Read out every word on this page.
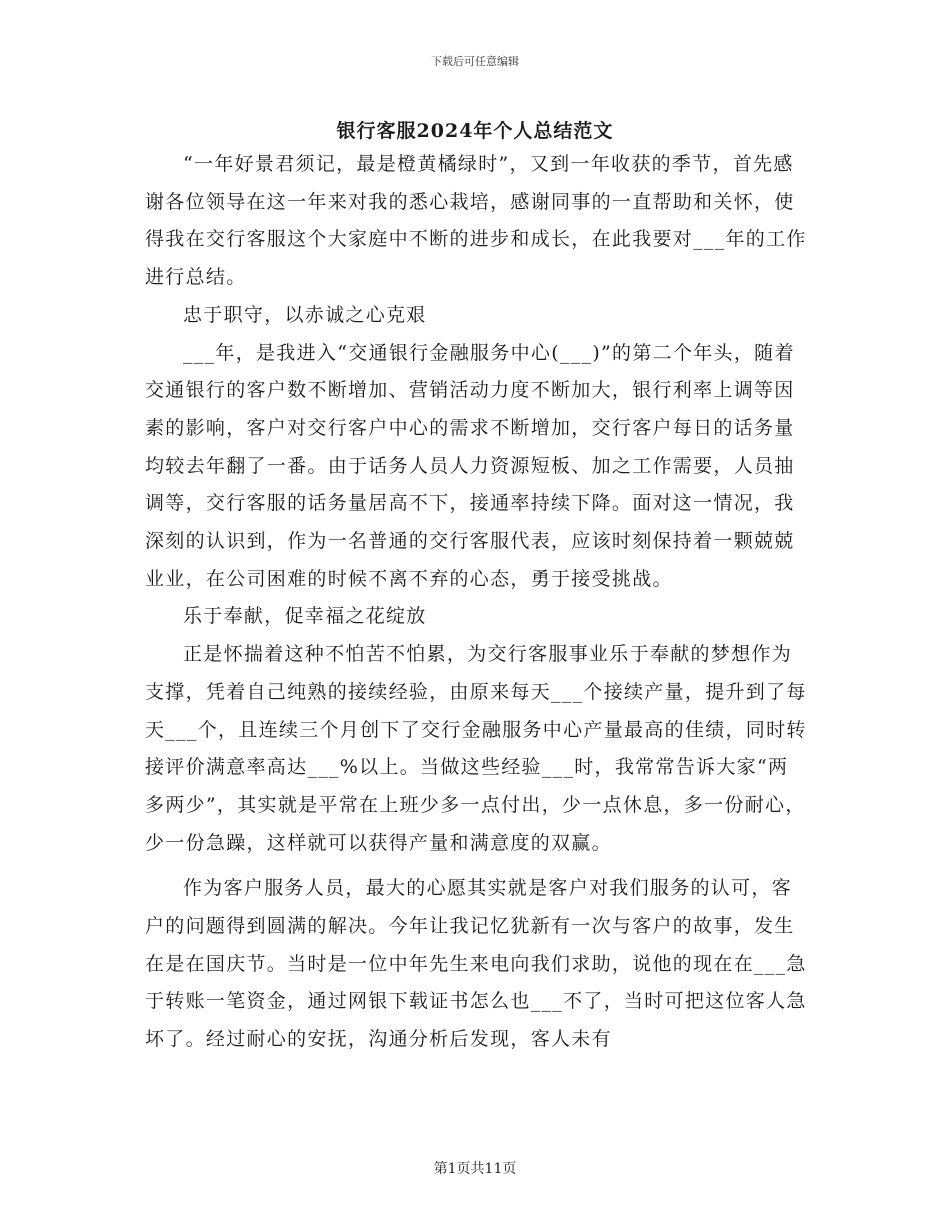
下载后可任意编辑
银行客服2024年个人总结范文

“一年好景君须记，最是橙黄橘绿时”，又到一年收获的季节，首先感谢各位领导在这一年来对我的悉心栽培，感谢同事的一直帮助和关怀，使得我在交行客服这个大家庭中不断的进步和成长，在此我要对___年的工作进行总结。

忠于职守，以赤诚之心克艰

___年，是我进入“交通银行金融服务中心(___)”的第二个年头，随着交通银行的客户数不断增加、营销活动力度不断加大，银行利率上调等因素的影响，客户对交行客户中心的需求不断增加，交行客户每日的话务量均较去年翻了一番。由于话务人员人力资源短板、加之工作需要，人员抽调等，交行客服的话务量居高不下，接通率持续下降。面对这一情况，我深刻的认识到，作为一名普通的交行客服代表，应该时刻保持着一颗兢兢业业，在公司困难的时候不离不弃的心态，勇于接受挑战。

乐于奉献，促幸福之花绽放

正是怀揣着这种不怕苦不怕累，为交行客服事业乐于奉献的梦想作为支撑，凭着自己纯熟的接续经验，由原来每天___个接续产量，提升到了每天___个，且连续三个月创下了交行金融服务中心产量最高的佳绩，同时转接评价满意率高达___%以上。当做这些经验___时，我常常告诉大家“两多两少”，其实就是平常在上班少多一点付出，少一点休息，多一份耐心，少一份急躁，这样就可以获得产量和满意度的双赢。

作为客户服务人员，最大的心愿其实就是客户对我们服务的认可，客户的问题得到圆满的解决。今年让我记忆犹新有一次与客户的故事，发生在是在国庆节。当时是一位中年先生来电向我们求助，说他的现在在___急于转账一笔资金，通过网银下载证书怎么也___不了，当时可把这位客人急坏了。经过耐心的安抚，沟通分析后发现，客人未有

第1页共11页
